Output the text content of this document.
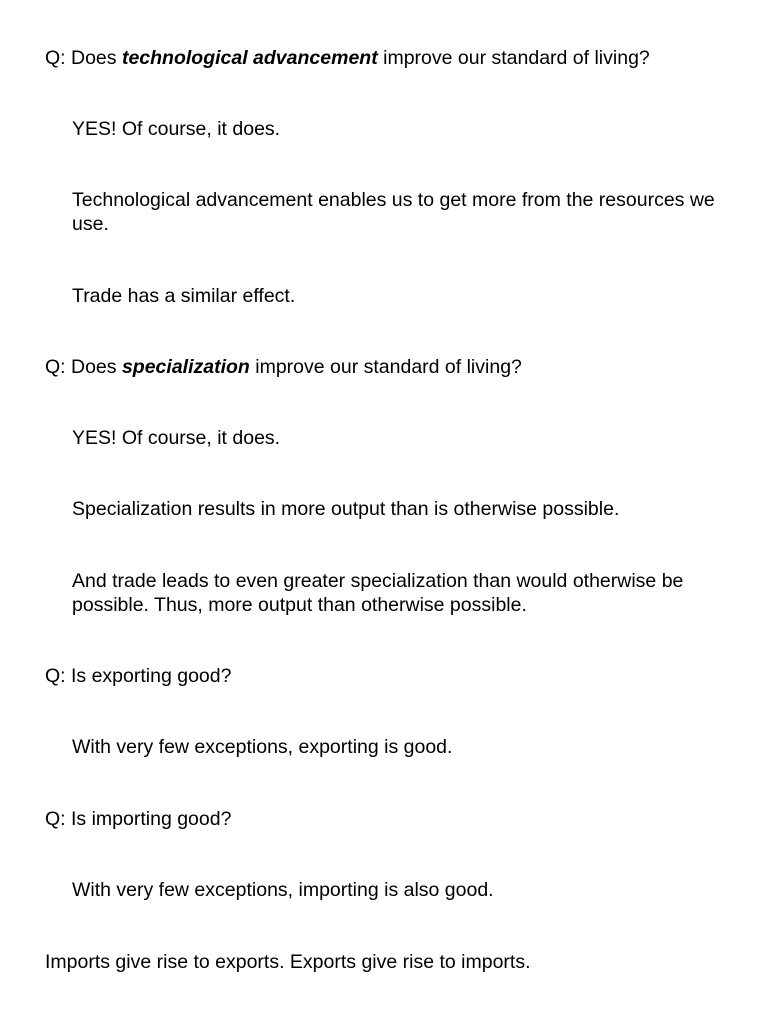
Q: Does technological advancement improve our standard of living?
YES! Of course, it does.
Technological advancement enables us to get more from the resources we use.
Trade has a similar effect.
Q: Does specialization improve our standard of living?
YES! Of course, it does.
Specialization results in more output than is otherwise possible.
And trade leads to even greater specialization than would otherwise be possible. Thus, more output than otherwise possible.
Q: Is exporting good?
With very few exceptions, exporting is good.
Q: Is importing good?
With very few exceptions, importing is also good.
Imports give rise to exports. Exports give rise to imports.
